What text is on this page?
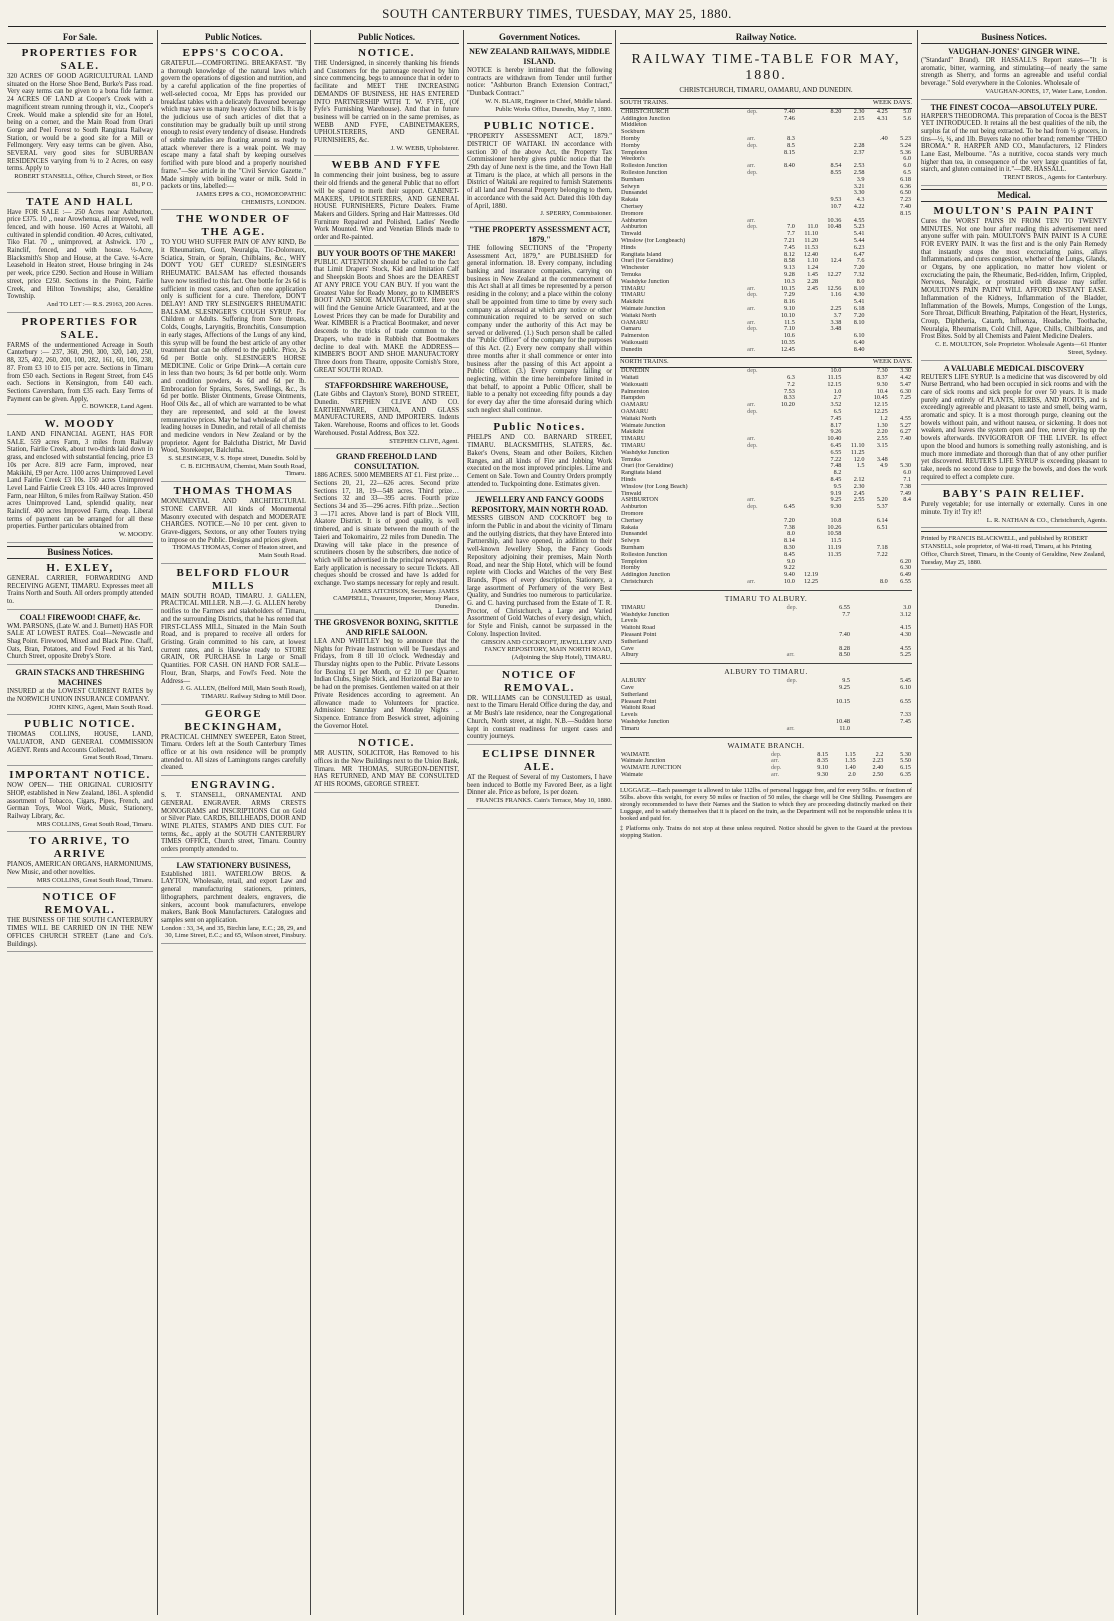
SOUTH CANTERBURY TIMES, TUESDAY, MAY 25, 1880.
For Sale.
PROPERTIES FOR SALE.
320 ACRES OF GOOD AGRICULTURAL LAND situated on the Horse Shoe Bend, Burke's Pass road. Very easy terms can be given to a bona fide farmer. 24 ACRES OF LAND at Cooper's Creek with a magnificent stream running through it, viz., Cooper's Creek. Would make a splendid site for an Hotel, being on a corner, and the Main Road from Orari Gorge and Peel Forest to South Rangitata Railway Station, or would be a good site for a Mill or Fellmongery. Very easy terms can be given. Also, SEVERAL very good sites for SUBURBAN RESIDENCES varying from ¼ to 2 Acres, on easy terms. Apply to
ROBERT STANSELL, Office, Church Street, or Box 81, P O.
TATE AND HALL
Have FOR SALE :— 250 Acres near Ashburton, price £375. 10 ,, near Arowhenua, all improved, well fenced, and with house. 160 Acres at Waitohi, all cultivated in splendid condition. 40 Acres, cultivated, Tiko Flat. 70 ,, unimproved, at Ashwick. 170 ,, Rainclif, fenced, and with house. ½-Acre, Blacksmith's Shop and House, at the Cave. ¼-Acre Leasehold in Heaton street, House bringing in 24s per week, price £290. Section and House in William street, price £250. Sections in the Point, Fairlie Creek, and Hilton Townships; also, Geraldine Township.
And TO LET :— R.S. 29163, 200 Acres.
PROPERTIES FOR SALE.
FARMS of the undermentioned Acreage in South Canterbury :— 237, 360, 290, 300, 320, 140, 250, 88, 325, 402, 260, 200, 100, 282, 161, 60, 106, 238, 87. From £3 10 to £15 per acre. Sections in Timaru from £50 each. Sections in Regent Street, from £45 each. Sections in Kensington, from £40 each. Sections Caversham, from £35 each. Easy Terms of Payment can be given. Apply,
C. BOWKER, Land Agent.
W. MOODY
LAND AND FINANCIAL AGENT, HAS FOR SALE. 559 acres Farm, 3 miles from Railway Station, Fairlie Creek, about two-thirds laid down in grass, and enclosed with substantial fencing, price £3 10s per Acre. 819 acre Farm, improved, near Makikihi, £9 per Acre. 1100 acres Unimproved Level Land Fairlie Creek £3 10s. 150 acres Unimproved Level Land Fairlie Creek £3 10s. 440 acres Improved Farm, near Hilton, 6 miles from Railway Station. 450 acres Unimproved Land, splendid quality, near Rainclif. 400 acres Improved Farm, cheap. Liberal terms of payment can be arranged for all these properties. Further particulars obtained from
W. MOODY.
Business Notices.
H. EXLEY,
GENERAL CARRIER, FORWARDING AND RECEIVING AGENT, TIMARU. Expresses meet all Trains North and South. All orders promptly attended to.
COAL! FIREWOOD! CHAFF, &c.
WM. PARSONS, (Late W. and J. Burnett) HAS FOR SALE AT LOWEST RATES. Coal—Newcastle and Shag Point. Firewood, Mixed and Black Pine. Chaff, Oats, Bran, Potatoes, and Fowl Feed at his Yard, Church Street, opposite Dreby's Store.
GRAIN STACKS AND THRESHING MACHINES
INSURED at the LOWEST CURRENT RATES by the NORWICH UNION INSURANCE COMPANY.
JOHN KING, Agent, Main South Road.
PUBLIC NOTICE.
THOMAS COLLINS, HOUSE, LAND, VALUATOR, AND GENERAL COMMISSION AGENT. Rents and Accounts Collected.
Great South Road, Timaru.
IMPORTANT NOTICE.
NOW OPEN— THE ORIGINAL CURIOSITY SHOP, established in New Zealand, 1861. A splendid assortment of Tobacco, Cigars, Pipes, French, and German Toys, Wool Work, Music, Stationery, Railway Library, &c.
MRS COLLINS, Great South Road, Timaru.
TO ARRIVE, TO ARRIVE
PIANOS, AMERICAN ORGANS, HARMONIUMS, New Music, and other novelties.
MRS COLLINS, Great South Road, Timaru.
NOTICE OF REMOVAL.
THE BUSINESS OF THE SOUTH CANTERBURY TIMES WILL BE CARRIED ON IN THE NEW OFFICES CHURCH STREET (Lane and Co's. Buildings).
Public Notices.
EPPS'S COCOA.
GRATEFUL—COMFORTING. BREAKFAST. "By a thorough knowledge of the natural laws which govern the operations of digestion and nutrition, and by a careful application of the fine properties of well-selected cocoa, Mr Epps has provided our breakfast tables with a delicately flavoured beverage which may save us many heavy doctors' bills. It is by the judicious use of such articles of diet that a constitution may be gradually built up until strong enough to resist every tendency of disease. Hundreds of subtle maladies are floating around us ready to attack wherever there is a weak point. We may escape many a fatal shaft by keeping ourselves fortified with pure blood and a properly nourished frame."—See article in the "Civil Service Gazette." Made simply with boiling water or milk. Sold in packets or tins, labelled:—
JAMES EPPS & CO., HOMOEOPATHIC CHEMISTS, LONDON.
THE WONDER OF THE AGE.
TO YOU WHO SUFFER PAIN OF ANY KIND, Be it Rheumatism, Gout, Neuralgia, Tic-Doloreaux, Sciatica, Strain, or Sprain, Chilblains, &c., WHY DON'T YOU GET CURED? SLESINGER'S RHEUMATIC BALSAM has effected thousands have now testified to this fact. One bottle for 2s 6d is sufficient in most cases, and often one application only is sufficient for a cure. Therefore, DON'T DELAY! AND TRY SLESINGER'S RHEUMATIC BALSAM. SLESINGER'S COUGH SYRUP. For Children or Adults. Suffering from Sore throats, Colds, Coughs, Laryngitis, Bronchitis, Consumption in early stages, Affections of the Lungs of any kind, this syrup will be found the best article of any other treatment that can be offered to the public. Price, 2s 6d per Bottle only. SLESINGER'S HORSE MEDICINE. Colic or Gripe Drink—A certain cure in less than two hours; 3s 6d per bottle only. Worm and condition powders, 4s 6d and 6d per lb. Embrocation for Sprains, Sores, Swellings, &c., 3s 6d per bottle. Blister Ointments, Grease Ointments, Hoof Oils &c., all of which are warranted to be what they are represented, and sold at the lowest remunerative prices. May be had wholesale of all the leading houses in Dunedin, and retail of all chemists and medicine vendors in New Zealand or by the proprietor. Agent for Balclutha District, Mr David Wood, Storekeeper, Balclutha.
S. SLESINGER, V. S. Hope street, Dunedin. Sold by C. B. EICHBAUM, Chemist, Main South Road, Timaru.
THOMAS THOMAS
MONUMENTAL AND ARCHITECTURAL STONE CARVER. All kinds of Monumental Masonry executed with despatch and MODERATE CHARGES. NOTICE.—No 10 per cent. given to Grave-diggers, Sextons, or any other Touters trying to impose on the Public. Designs and prices given.
THOMAS THOMAS, Corner of Heaton street, and Main South Road.
BELFORD FLOUR MILLS
MAIN SOUTH ROAD, TIMARU. J. GALLEN, PRACTICAL MILLER. N.B.—J. G. ALLEN hereby notifies to the Farmers and stakeholders of Timaru, and the surrounding Districts, that he has rented that FIRST-CLASS MILL, Situated in the Main South Road, and is prepared to receive all orders for Gristing. Grain committed to his care, at lowest current rates, and is likewise ready to STORE GRAIN, OR PURCHASE In Large or Small Quantities. FOR CASH. ON HAND FOR SALE— Flour, Bran, Sharps, and Fowl's Feed. Note the Address—
J. G. ALLEN, (Belford Mill, Main South Road), TIMARU. Railway Siding to Mill Door.
GEORGE BECKINGHAM,
PRACTICAL CHIMNEY SWEEPER, Eaton Street, Timaru. Orders left at the South Canterbury Times office or at his own residence will be promptly attended to. All sizes of Lamingtons ranges carefully cleaned.
ENGRAVING.
S. T. STANSELL, ORNAMENTAL AND GENERAL ENGRAVER. ARMS CRESTS MONOGRAMS and INSCRIPTIONS Cut on Gold or Silver Plate. CARDS, BILLHEADS, DOOR AND WINE PLATES, STAMPS AND DIES CUT. For terms, &c., apply at the SOUTH CANTERBURY TIMES OFFICE, Church street, Timaru. Country orders promptly attended to.
LAW STATIONERY BUSINESS,
Established 1811. WATERLOW BROS. & LAYTON, Wholesale, retail, and export Law and general manufacturing stationers, printers, lithographers, parchment dealers, engravers, die sinkers, account book manufacturers, envelope makers, Bank Book Manufacturers. Catalogues and samples sent on application.
London : 33, 34, and 35, Birchin lane, E.C.; 28, 29, and 30, Lime Street, E.C.; and 65, Wilson street, Finsbury.
Public Notices.
NOTICE.
THE Undersigned, in sincerely thanking his friends and Customers for the patronage received by him since commencing, begs to announce that in order to facilitate and MEET THE INCREASING DEMANDS OF BUSINESS, HE HAS ENTERED INTO PARTNERSHIP WITH T. W. FYFE, (Of Fyfe's Furnishing Warehouse). And that in future business will be carried on in the same premises, as WEBB AND FYFE, CABINETMAKERS, UPHOLSTERERS, AND GENERAL FURNISHERS, &c.
J. W. WEBB, Upholsterer.
WEBB AND FYFE
In commencing their joint business, beg to assure their old friends and the general Public that no effort will be spared to merit their support. CABINET-MAKERS, UPHOLSTERERS, AND GENERAL HOUSE FURNISHERS, Picture Dealers. Frame Makers and Gilders. Spring and Hair Mattresses. Old Furniture Repaired and Polished, Ladies' Needle Work Mounted. Wire and Venetian Blinds made to order and Re-painted.
BUY YOUR BOOTS OF THE MAKER!
PUBLIC ATTENTION should be called to the fact that Limit Drapers' Stock, Kid and Imitation Calf and Sheepskin Boots and Shoes are the DEAREST AT ANY PRICE YOU CAN BUY. If you want the Greatest Value for Ready Money, go to KIMBER'S BOOT AND SHOE MANUFACTORY. Here you will find the Genuine Article Guaranteed, and at the Lowest Prices they can be made for Durability and Wear. KIMBER is a Practical Bootmaker, and never descends to the tricks of trade common to the Drapers, who trade in Rubbish that Bootmakers decline to deal with. MAKE the ADDRESS— KIMBER'S BOOT AND SHOE MANUFACTORY Three doors from Theatre, opposite Cornish's Store, GREAT SOUTH ROAD.
STAFFORDSHIRE WAREHOUSE,
(Late Gibbs and Clayton's Store), BOND STREET, Dunedin. STEPHEN CLIVE AND CO. EARTHENWARE, CHINA, AND GLASS MANUFACTURERS, AND IMPORTERS. Indents Taken. Warehouse, Rooms and offices to let. Goods Warehoused. Postal Address, Box 322.
STEPHEN CLIVE, Agent.
GRAND FREEHOLD LAND CONSULTATION.
1886 ACRES. 5000 MEMBERS AT £1. First prize…Sections 20, 21, 22—626 acres. Second prize Sections 17, 18, 19—548 acres. Third prize…Sections 32 and 33—395 acres. Fourth prize Sections 34 and 35—296 acres. Fifth prize…Section 3 —171 acres. Above land is part of Block VIII, Akatore District. It is of good quality, is well timbered, and is situate between the mouth of the Taieri and Tokomairiro, 22 miles from Dunedin. The Drawing will take place in the presence of scrutineers chosen by the subscribers, due notice of which will be advertised in the principal newspapers. Early application is necessary to secure Tickets. All cheques should be crossed and have 1s added for exchange. Two stamps necessary for reply and result.
JAMES AITCHISON, Secretary. JAMES CAMPBELL, Treasurer, Importer, Moray Place, Dunedin.
THE GROSVENOR BOXING, SKITTLE AND RIFLE SALOON.
LEA AND WHITLEY beg to announce that the Nights for Private Instruction will be Tuesdays and Fridays, from 8 till 10 o'clock. Wednesday and Thursday nights open to the Public. Private Lessons for Boxing £1 per Month, or £2 10 per Quarter. Indian Clubs, Single Stick, and Horizontal Bar are to be had on the premises. Gentlemen waited on at their Private Residences according to agreement. An allowance made to Volunteers for practice. Admission: Saturday and Monday Nights .. Sixpence. Entrance from Beswick street, adjoining the Governor Hotel.
NOTICE.
MR AUSTIN, SOLICITOR, Has Removed to his offices in the New Buildings next to the Union Bank, Timaru. MR THOMAS, SURGEON-DENTIST, HAS RETURNED, AND MAY BE CONSULTED AT HIS ROOMS, GEORGE STREET.
Government Notices.
NEW ZEALAND RAILWAYS, MIDDLE ISLAND.
NOTICE is hereby intimated that the following contracts are withdrawn from Tender until further notice: "Ashburton Branch Extension Contract," "Dunback Contract."
W. N. BLAIR, Engineer in Chief, Middle Island. Public Works Office, Dunedin, May 7, 1880.
PUBLIC NOTICE.
"PROPERTY ASSESSMENT ACT, 1879." DISTRICT OF WAITAKI. IN accordance with section 30 of the above Act, the Property Tax Commissioner hereby gives public notice that the 29th day of June next is the time, and the Town Hall at Timaru is the place, at which all persons in the District of Waitaki are required to furnish Statements of all land and Personal Property belonging to them, in accordance with the said Act. Dated this 10th day of April, 1880.
J. SPERRY, Commissioner.
"THE PROPERTY ASSESSMENT ACT, 1879."
THE following SECTIONS of the "Property Assessment Act, 1879," are PUBLISHED for general information. 18. Every company, including banking and insurance companies, carrying on business in New Zealand at the commencement of this Act shall at all times be represented by a person residing in the colony; and a place within the colony shall be appointed from time to time by every such company as aforesaid at which any notice or other communication required to be served on such company under the authority of this Act may be served or delivered. (1.) Such person shall be called the "Public Officer" of the company for the purposes of this Act. (2.) Every new company shall within three months after it shall commence or enter into business after the passing of this Act appoint a Public Officer. (3.) Every company failing or neglecting, within the time hereinbefore limited in that behalf, to appoint a Public Officer, shall be liable to a penalty not exceeding fifty pounds a day for every day after the time aforesaid during which such neglect shall continue.
Public Notices.
PHELPS AND CO. BARNARD STREET, TIMARU. BLACKSMITHS, SLATERS, &c. Baker's Ovens, Steam and other Boilers, Kitchen Ranges, and all kinds of Fire and Jobbing Work executed on the most improved principles. Lime and Cement on Sale. Town and Country Orders promptly attended to. Tuckpointing done. Estimates given.
JEWELLERY AND FANCY GOODS REPOSITORY, MAIN NORTH ROAD.
MESSRS GIBSON AND COCKROFT beg to inform the Public in and about the vicinity of Timaru and the outlying districts, that they have Entered into Partnership, and have opened, in addition to their well-known Jewellery Shop, the Fancy Goods Repository adjoining their premises, Main North Road, and near the Ship Hotel, which will be found replete with Clocks and Watches of the very Best Brands, Pipes of every description, Stationery, a large assortment of Perfumery of the very Best Quality, and Sundries too numerous to particularize. G. and C. having purchased from the Estate of T. R. Proctor, of Christchurch, a Large and Varied Assortment of Gold Watches of every design, which, for Style and Finish, cannot be surpassed in the Colony. Inspection Invited.
GIBSON AND COCKROFT, JEWELLERY AND FANCY REPOSITORY, MAIN NORTH ROAD, (Adjoining the Ship Hotel), TIMARU.
NOTICE OF REMOVAL.
DR. WILLIAMS can be CONSULTED as usual, next to the Timaru Herald Office during the day, and at Mr Bush's late residence, near the Congregational Church, North street, at night. N.B.—Sudden horse kept in constant readiness for urgent cases and country journeys.
ECLIPSE DINNER ALE.
AT the Request of Several of my Customers, I have been induced to Bottle my Favored Beer, as a light Dinner ale. Price as before, 1s per dozen.
FRANCIS FRANKS. Cain's Terrace, May 10, 1880.
Railway Notice.
RAILWAY TIME-TABLE FOR MAY, 1880.
CHRISTCHURCH, TIMARU, OAMARU, AND DUNEDIN.
SOUTH TRAINS.			WEEK DAYS.				
CHRISTCHURCH	dep.	7.40		8.20	2.30	4.25	5.0
Addington Junction		7.46			2.15	4.31	5.6
Middleton							
Sockburn							
Hornby	arr.	8.3				.40	5.23
Hornby	dep.	8.5			2.28		5.24
Templeton		8.15			2.37		5.36
Weedon's							6.0
Rolleston Junction	arr.	8.40		8.54	2.53		6.0
Rolleston Junction	dep.			8.55	2.58		6.5
Burnham					3.9		6.18
Selwyn					3.21		6.36
Dunsandel					3.30		6.50
Rakaia				9.53	4.3		7.23
Chertsey				10.7	4.22		7.40
Dromore							8.15
Ashburton	arr.			10.36	4.55		
Ashburton	dep.	7.0	11.0	10.48	5.23		
Tinwald		7.7	11.10		5.41		
Winslow (for Longbeach)		7.21	11.20		5.44		
Hinds		7.45	11.53		6.23		
Rangitata Island		8.12	12.40		6.47		
Orari (for Geraldine)		8.58	1.10	12.4	7.6		
Winchester		9.13	1.24		7.20		
Temuka		9.28	1.45	12.27	7.32		
Washdyke Junction		10.3	2.28		8.0		
TIMARU	arr.	10.15	2.45	12.56	8.10		
TIMARU	dep.	7.29		1.16	4.30		
Makikihi		8.16			5.41		
Waimate Junction	arr.	9.10		2.25	6.18		
Waitaki North		10.10		3.7	7.20		
OAMARU	arr.	11.5		3.38	8.10		
Oamaru	dep.	7.10		3.48			
Palmerston		10.6			6.10		
Waikouaiti		10.35			6.40		
Dunedin	arr.	12.45			8.40		
NORTH TRAINS.			WEEK DAYS.				
DUNEDIN	dep.			10.0		7.30	3.30
Waitati		6.3		11.15		8.37	4.42
Waikouaiti		7.2		12.15		9.30	5.47
Palmerston		7.53		1.0		10.4	6.30
Hampden		8.33		2.7		10.45	7.25
OAMARU	arr.	10.20		3.52		12.15	
OAMARU	dep.			6.5		12.25	
Waitaki North				7.45		1.2	4.55
Waimate Junction				8.17		1.30	5.27
Makikihi				9.26		2.20	6.27
TIMARU	arr.			10.40		2.55	7.40
TIMARU	dep.			6.45	11.10	3.15	
Washdyke Junction				6.55	11.25		
Temuka				7.22	12.0	3.48	
Orari (for Geraldine)				7.48	1.5	4.9	5.30
Rangitata Island				8.2			6.0
Hinds				8.45	2.12		7.1
Winslow (for Long Beach)				9.5	2.30		7.38
Tinwald				9.19	2.45		7.49
ASHBURTON	arr.			9.25	2.55	5.20	8.4
Ashburton	dep.	6.45		9.30		5.37	
Dromore							
Chertsey		7.20		10.8		6.14	
Rakaia		7.38		10.26		6.51	
Dunsandel		8.0		10.58			
Selwyn		8.14		11.5			
Burnham		8.30		11.19		7.18	
Rolleston Junction		8.45		11.35		7.22	
Templeton		9.0					6.20
Hornby		9.22					6.30
Addington Junction		9.40	12.19				6.49
Christchurch	arr.	10.0	12.25			8.0	6.55
TIMARU TO ALBURY.
TIMARU	dep.	6.55		3.0
Washdyke Junction		7.7		3.12
Levels				
Waitohi Road				4.15
Pleasant Point		7.40		4.30
Sutherland				
Cave		8.28		4.55
Albury	arr.	8.50		5.25
ALBURY TO TIMARU.
ALBURY	dep.	9.5		5.45
Cave		9.25		6.10
Sutherland				
Pleasant Point		10.15		6.55
Waitohi Road				
Levels				7.33
Washdyke Junction		10.48		7.45
Timaru	arr.	11.0		
WAIMATE BRANCH.
WAIMATE	dep.	8.15	1.15	2.2	5.30
Waimate Junction	arr.	8.35	1.35	2.23	5.50
WAIMATE JUNCTION	dep.	9.10	1.40	2.40	6.15
Waimate	arr.	9.30	2.0	2.50	6.35
LUGGAGE.—Each passenger is allowed to take 112lbs. of personal luggage free, and for every 56lbs. or fraction of 56lbs. above this weight, for every 50 miles or fraction of 50 miles, the charge will be One Shilling. Passengers are strongly recommended to have their Names and the Station to which they are proceeding distinctly marked on their Luggage, and to satisfy themselves that it is placed on the train, as the Department will not be responsible unless it is booked and paid for.
‡ Platforms only. Trains do not stop at these unless required. Notice should be given to the Guard at the previous stopping Station.
Business Notices.
VAUGHAN-JONES' GINGER WINE.
("Standard" Brand). DR HASSALL'S Report states—"It is aromatic, bitter, warming, and stimulating—of nearly the same strength as Sherry, and forms an agreeable and useful cordial beverage." Sold everywhere in the Colonies. Wholesale of
VAUGHAN-JONES, 17, Water Lane, London.
THE FINEST COCOA—ABSOLUTELY PURE.
HARPER'S THEODROMA. This preparation of Cocoa is the BEST YET INTRODUCED. It retains all the best qualities of the nib, the surplus fat of the nut being extracted. To be had from ½ grocers, in tins—½, ¼, and 1lb. Buyers take no other brand; remember "THEO BROMA." R. HARPER AND CO., Manufacturers, 12 Flinders Lane East, Melbourne. "As a nutritive, cocoa stands very much higher than tea, in consequence of the very large quantities of fat, starch, and gluten contained in it."—DR. HASSALL.
TRENT BROS., Agents for Canterbury.
Medical.
MOULTON'S PAIN PAINT
Cures the WORST PAINS IN FROM TEN TO TWENTY MINUTES. Not one hour after reading this advertisement need anyone suffer with pain. MOULTON'S PAIN PAINT IS A CURE FOR EVERY PAIN. It was the first and is the only Pain Remedy that instantly stops the most excruciating pains, allays Inflammations, and cures congestion, whether of the Lungs, Glands, or Organs, by one application, no matter how violent or excruciating the pain, the Rheumatic, Bed-ridden, Infirm, Crippled, Nervous, Neuralgic, or prostrated with disease may suffer. MOULTON'S PAIN PAINT WILL AFFORD INSTANT EASE. Inflammation of the Kidneys, Inflammation of the Bladder, Inflammation of the Bowels, Mumps, Congestion of the Lungs, Sore Throat, Difficult Breathing, Palpitation of the Heart, Hysterics, Croup, Diphtheria, Catarrh, Influenza, Headache, Toothache, Neuralgia, Rheumatism, Cold Chill, Ague, Chills, Chilblains, and Frost Bites. Sold by all Chemists and Patent Medicine Dealers.
C. E. MOULTON, Sole Proprietor. Wholesale Agents—61 Hunter Street, Sydney.
A VALUABLE MEDICAL DISCOVERY
REUTER'S LIFE SYRUP. Is a medicine that was discovered by old Nurse Bertrand, who had been occupied in sick rooms and with the care of sick rooms and sick people for over 50 years. It is made purely and entirely of PLANTS, HERBS, AND ROOTS, and is exceedingly agreeable and pleasant to taste and smell, being warm, aromatic and spicy. It is a most thorough purge, cleaning out the bowels without pain, and without nausea, or sickening. It does not weaken, and leaves the system open and free, never drying up the bowels afterwards. INVIGORATOR OF THE LIVER. Its effect upon the blood and humors is something really astonishing, and is much more immediate and thorough than that of any other purifier yet discovered. REUTER'S LIFE SYRUP is exceeding pleasant to take, needs no second dose to purge the bowels, and does the work required to effect a complete cure.
BABY'S PAIN RELIEF.
Purely vegetable; for use internally or externally. Cures in one minute. Try it! Try it!!
L. R. NATHAN & CO., Christchurch, Agents.
Printed by FRANCIS BLACKWELL, and published by ROBERT STANSELL, sole proprietor, of Wai-iti road, Timaru, at his Printing Office, Church Street, Timaru, in the County of Geraldine, New Zealand, Tuesday, May 25, 1880.
